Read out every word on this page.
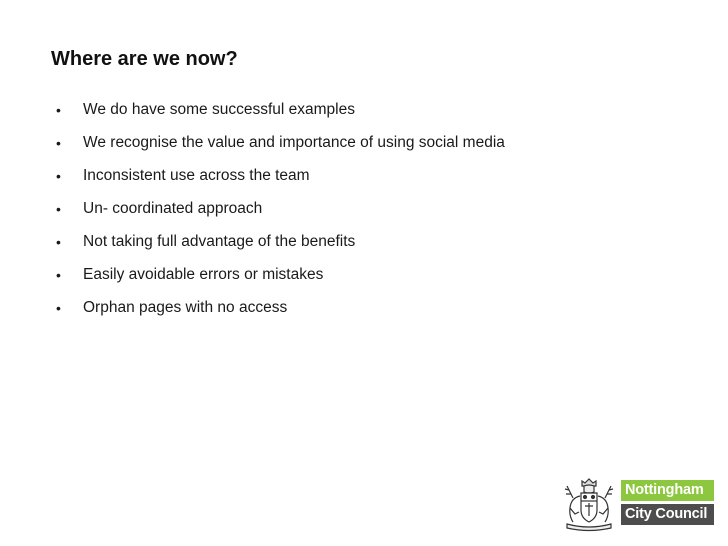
Where are we now?
• We do have some successful examples
• We recognise the value and importance of using social media
• Inconsistent use across the team
• Un- coordinated approach
• Not taking full advantage of the benefits
• Easily avoidable errors or mistakes
• Orphan pages with no access
Nottingham
City Council
